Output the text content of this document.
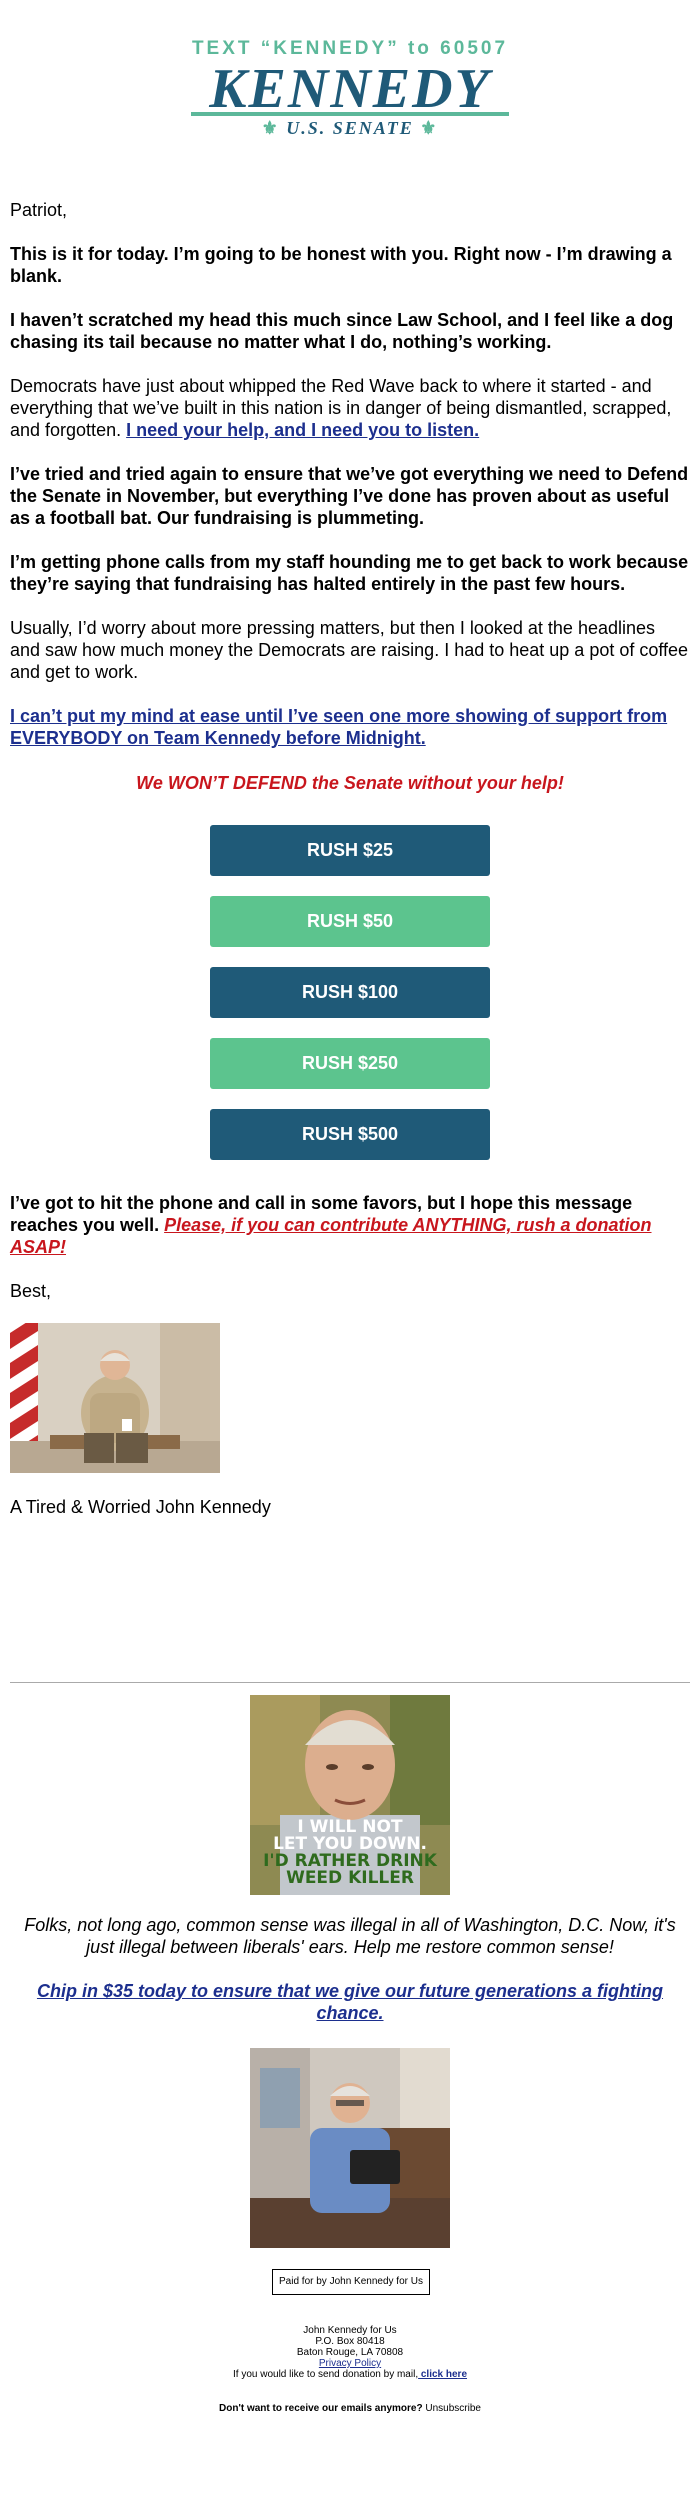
TEXT “KENNEDY” to 60507

KENNEDY
⚜ U.S. SENATE ⚜

Patriot,

This is it for today. I’m going to be honest with you. Right now - I’m drawing a blank.

I haven’t scratched my head this much since Law School, and I feel like a dog chasing its tail because no matter what I do, nothing’s working.

Democrats have just about whipped the Red Wave back to where it started - and everything that we’ve built in this nation is in danger of being dismantled, scrapped, and forgotten. I need your help, and I need you to listen.

I’ve tried and tried again to ensure that we’ve got everything we need to Defend the Senate in November, but everything I’ve done has proven about as useful as a football bat. Our fundraising is plummeting.

I’m getting phone calls from my staff hounding me to get back to work because they’re saying that fundraising has halted entirely in the past few hours.

Usually, I’d worry about more pressing matters, but then I looked at the headlines and saw how much money the Democrats are raising. I had to heat up a pot of coffee and get to work.

I can’t put my mind at ease until I’ve seen one more showing of support from EVERYBODY on Team Kennedy before Midnight.

We WON’T DEFEND the Senate without your help!

RUSH $25
RUSH $50
RUSH $100
RUSH $250
RUSH $500

I’ve got to hit the phone and call in some favors, but I hope this message reaches you well. Please, if you can contribute ANYTHING, rush a donation ASAP!

Best,

A Tired & Worried John Kennedy

I WILL NOT
LET YOU DOWN.
I'D RATHER DRINK
WEED KILLER

Folks, not long ago, common sense was illegal in all of Washington, D.C. Now, it's just illegal between liberals' ears. Help me restore common sense!

Chip in $35 today to ensure that we give our future generations a fighting chance.

Paid for by John Kennedy for Us
John Kennedy for Us
P.O. Box 80418
Baton Rouge, LA 70808
Privacy Policy
If you would like to send donation by mail, click here
Don't want to receive our emails anymore? Unsubscribe
